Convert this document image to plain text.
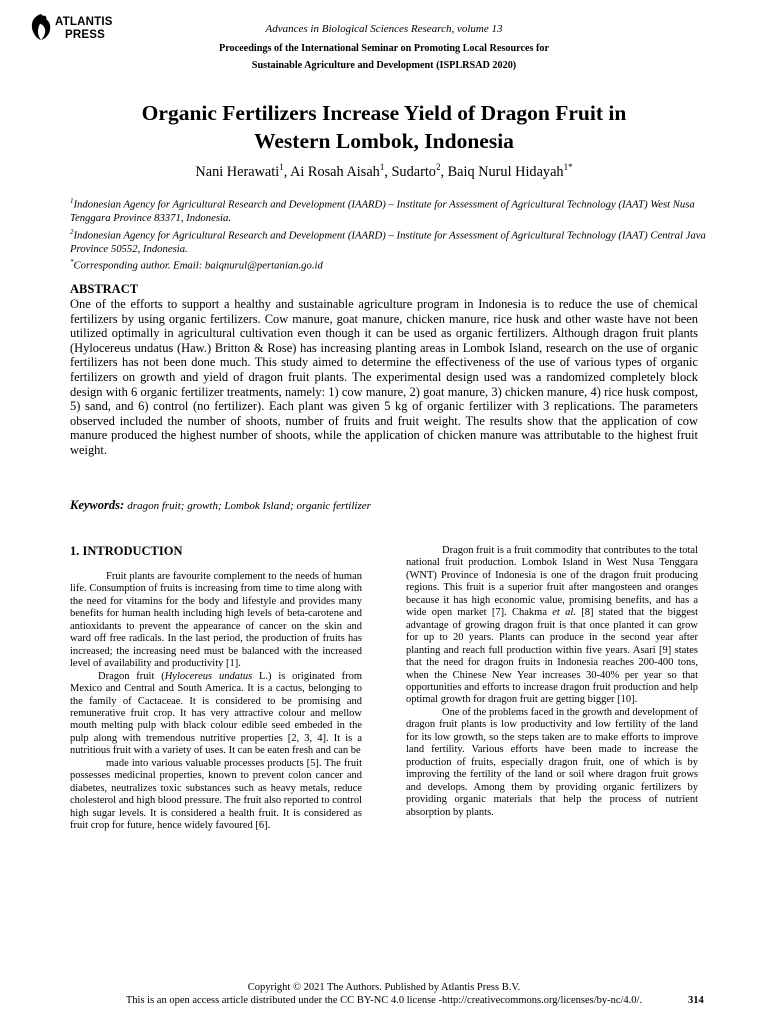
ATLANTIS
PRESS	Advances in Biological Sciences Research, volume 13
Proceedings of the International Seminar on Promoting Local Resources for
Sustainable Agriculture and Development (ISPLRSAD 2020)
Organic Fertilizers Increase Yield of Dragon Fruit in
Western Lombok, Indonesia
Nani Herawati$^1$, Ai Rosah Aisah$^1$, Sudarto$^2$, Baiq Nurul Hidayah$^{1*}$
$^1$Indonesian Agency for Agricultural Research and Development (IAARD) – Institute for Assessment of Agricultural Technology (IAAT) West Nusa Tenggara Province 83371, Indonesia.
$^2$Indonesian Agency for Agricultural Research and Development (IAARD) – Institute for Assessment of Agricultural Technology (IAAT) Central Java Province 50552, Indonesia.
*Corresponding author. Email: baiqnurul@pertanian.go.id
ABSTRACT
One of the efforts to support a healthy and sustainable agriculture program in Indonesia is to reduce the use of chemical fertilizers by using organic fertilizers. Cow manure, goat manure, chicken manure, rice husk and other waste have not been utilized optimally in agricultural cultivation even though it can be used as organic fertilizers. Although dragon fruit plants (Hylocereus undatus (Haw.) Britton & Rose) has increasing planting areas in Lombok Island, research on the use of organic fertilizers has not been done much. This study aimed to determine the effectiveness of the use of various types of organic fertilizers on growth and yield of dragon fruit plants. The experimental design used was a randomized completely block design with 6 organic fertilizer treatments, namely: 1) cow manure, 2) goat manure, 3) chicken manure, 4) rice husk compost, 5) sand, and 6) control (no fertilizer). Each plant was given 5 kg of organic fertilizer with 3 replications. The parameters observed included the number of shoots, number of fruits and fruit weight. The results show that the application of cow manure produced the highest number of shoots, while the application of chicken manure was attributable to the highest fruit weight.
Keywords: dragon fruit; growth; Lombok Island; organic fertilizer
1. INTRODUCTION

Fruit plants are favourite complement to the needs of human life. Consumption of fruits is increasing from time to time along with the need for vitamins for the body and lifestyle and provides many benefits for human health including high levels of beta-carotene and antioxidants to prevent the appearance of cancer on the skin and ward off free radicals. In the last period, the production of fruits has increased; the increasing need must be balanced with the increased level of availability and productivity [1].

Dragon fruit (Hylocereus undatus L.) is originated from Mexico and Central and South America. It is a cactus, belonging to the family of Cactaceae. It is considered to be promising and remunerative fruit crop. It has very attractive colour and mellow mouth melting pulp with black colour edible seed embeded in the pulp along with tremendous nutritive properties [2, 3, 4]. It is a nutritious fruit with a variety of uses. It can be eaten fresh and can be

made into various valuable processes products [5]. The fruit possesses medicinal properties, known to prevent colon cancer and diabetes, neutralizes toxic substances such as heavy metals, reduce cholesterol and high blood pressure. The fruit also reported to control high sugar levels. It is considered a health fruit. It is considered as fruit crop for future, hence widely favoured [6].

Dragon fruit is a fruit commodity that contributes to the total national fruit production. Lombok Island in West Nusa Tenggara (WNT) Province of Indonesia is one of the dragon fruit producing regions. This fruit is a superior fruit after mangosteen and oranges because it has high economic value, promising benefits, and has a wide open market [7]. Chakma et al. [8] stated that the biggest advantage of growing dragon fruit is that once planted it can grow for up to 20 years. Plants can produce in the second year after planting and reach full production within five years. Asari [9] states that the need for dragon fruits in Indonesia reaches 200-400 tons, when the Chinese New Year increases 30-40% per year so that opportunities and efforts to increase dragon fruit production and help optimal growth for dragon fruit are getting bigger [10].

One of the problems faced in the growth and development of dragon fruit plants is low productivity and low fertility of the land for its low growth, so the steps taken are to make efforts to improve land fertility. Various efforts have been made to increase the production of fruits, especially dragon fruit, one of which is by improving the fertility of the land or soil where dragon fruit grows and develops. Among them by providing organic fertilizers by providing organic materials that help the process of nutrient absorption by plants.

Copyright © 2021 The Authors. Published by Atlantis Press B.V.
This is an open access article distributed under the CC BY-NC 4.0 license -http://creativecommons.org/licenses/by-nc/4.0/.	314
